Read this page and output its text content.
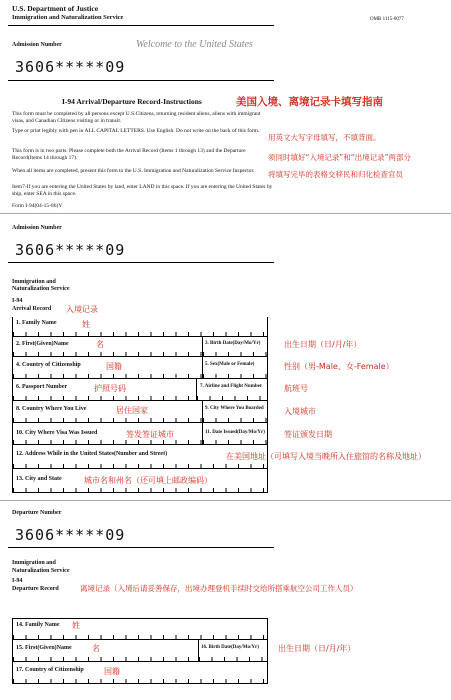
U.S. Department of Justice
Immigration and Naturalization Service	OMB 1115-0077
Admission Number	Welcome to the United States
3606*****09
I-94 Arrival/Departure Record-Instructions	美国入境、离境记录卡填写指南
This form must be completed by all persons except U.S.Citizens, returning resident aliens, aliens with immigrant visas, and Canadian Citizens visiting or in transit.
Type or print legibly with pen in ALL CAPITAL LETTERS. Use English. Do not write on the back of this form.
This form is in two parts. Please complete both the Arrival Record (Items 1 through 13) and the Departure Record(Items 14 through 17).
When all items are completed, present this form to the U.S. Immigration and Naturalization Service Inspector.
Item7-If you are entering the United States by land, enter LAND in this space. If you are entering the United States by ship, enter SEA in this space.
Form I-94(04-15-86)Y
用英文大写字母填写，不填背面。
须同时填好“入境记录”和“出境记录”两部分
将填写完毕的表格交移民和归化检查官员
Admission Number
3606*****09
Immigration and
Naturalization Service
I-94
Arrival Record 入境记录
1. Family Name	姓
2. First(Given)Name	名	3. Birth Date(Day/Mo/Yr)	出生日期（日/月/年）
4. Country of Citizenship	国籍	5. Sex(Male or Female)	性别（男-Male、女-Female）
6. Passport Number	护照号码	7. Airline and Flight Number	航班号
8. Country Where You Live	居住国家	9. City Where You Boarded	入境城市
10. City Where Visa Was Issued	签发签证城市	11. Date Issued(Day/Mo/Yr) 签证颁发日期
12. Address While in the United States(Number and Street)	在美国地址（可填写入境当晚所入住旅馆的名称及地址）
13. City and State	城市名和州名（还可填上邮政编码）
Departure Number
3606*****09
Immigration and
Naturalization Service
I-94
Departure Record	离境记录（入境后请妥善保存，出境办理登机手续时交给所搭乘航空公司工作人员）
14. Family Name 姓
15. First(Given)Name	名	16. Birth Date(Day/Mo/Yr) 出生日期（日/月/年）
17. Country of Citizenship	国籍
